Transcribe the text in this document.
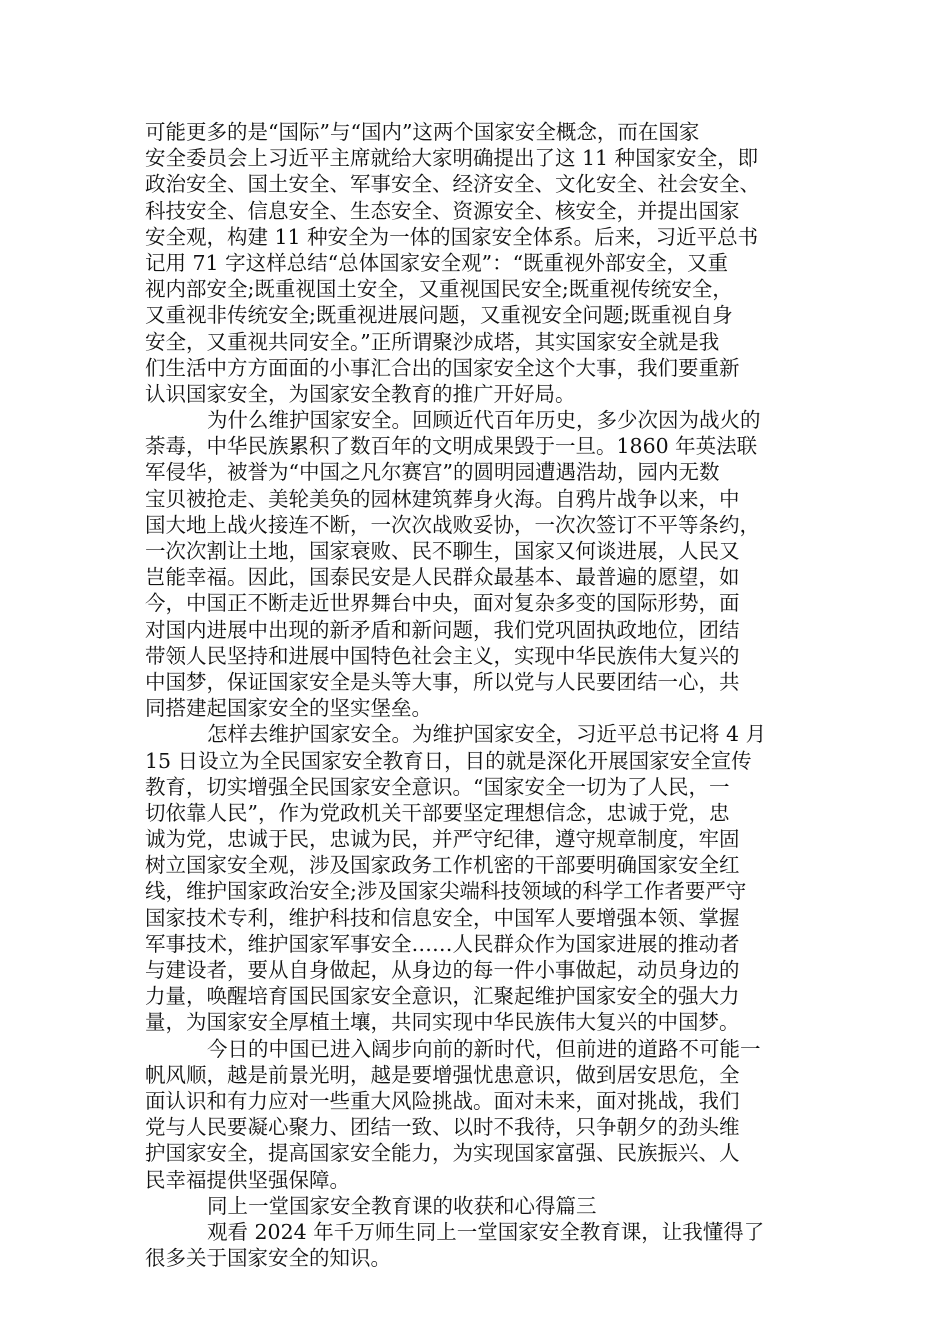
可能更多的是“国际”与“国内”这两个国家安全概念，而在国家
安全委员会上习近平主席就给大家明确提出了这 11 种国家安全，即
政治安全、国土安全、军事安全、经济安全、文化安全、社会安全、
科技安全、信息安全、生态安全、资源安全、核安全，并提出国家
安全观，构建 11 种安全为一体的国家安全体系。后来，习近平总书
记用 71 字这样总结“总体国家安全观”：“既重视外部安全，又重
视内部安全;既重视国土安全，又重视国民安全;既重视传统安全，
又重视非传统安全;既重视进展问题，又重视安全问题;既重视自身
安全，又重视共同安全。”正所谓聚沙成塔，其实国家安全就是我
们生活中方方面面的小事汇合出的国家安全这个大事，我们要重新
认识国家安全，为国家安全教育的推广开好局。
为什么维护国家安全。回顾近代百年历史，多少次因为战火的
荼毒，中华民族累积了数百年的文明成果毁于一旦。1860 年英法联
军侵华，被誉为“中国之凡尔赛宫”的圆明园遭遇浩劫，园内无数
宝贝被抢走、美轮美奂的园林建筑葬身火海。自鸦片战争以来，中
国大地上战火接连不断，一次次战败妥协，一次次签订不平等条约，
一次次割让土地，国家衰败、民不聊生，国家又何谈进展，人民又
岂能幸福。因此，国泰民安是人民群众最基本、最普遍的愿望，如
今，中国正不断走近世界舞台中央，面对复杂多变的国际形势，面
对国内进展中出现的新矛盾和新问题，我们党巩固执政地位，团结
带领人民坚持和进展中国特色社会主义，实现中华民族伟大复兴的
中国梦，保证国家安全是头等大事，所以党与人民要团结一心，共
同搭建起国家安全的坚实堡垒。
怎样去维护国家安全。为维护国家安全，习近平总书记将 4 月
15 日设立为全民国家安全教育日，目的就是深化开展国家安全宣传
教育，切实增强全民国家安全意识。“国家安全一切为了人民，一
切依靠人民”，作为党政机关干部要坚定理想信念，忠诚于党，忠
诚为党，忠诚于民，忠诚为民，并严守纪律，遵守规章制度，牢固
树立国家安全观，涉及国家政务工作机密的干部要明确国家安全红
线，维护国家政治安全;涉及国家尖端科技领域的科学工作者要严守
国家技术专利，维护科技和信息安全，中国军人要增强本领、掌握
军事技术，维护国家军事安全……人民群众作为国家进展的推动者
与建设者，要从自身做起，从身边的每一件小事做起，动员身边的
力量，唤醒培育国民国家安全意识，汇聚起维护国家安全的强大力
量，为国家安全厚植土壤，共同实现中华民族伟大复兴的中国梦。
今日的中国已进入阔步向前的新时代，但前进的道路不可能一
帆风顺，越是前景光明，越是要增强忧患意识，做到居安思危，全
面认识和有力应对一些重大风险挑战。面对未来，面对挑战，我们
党与人民要凝心聚力、团结一致、以时不我待，只争朝夕的劲头维
护国家安全，提高国家安全能力，为实现国家富强、民族振兴、人
民幸福提供坚强保障。
同上一堂国家安全教育课的收获和心得篇三
观看 2024 年千万师生同上一堂国家安全教育课，让我懂得了
很多关于国家安全的知识。
